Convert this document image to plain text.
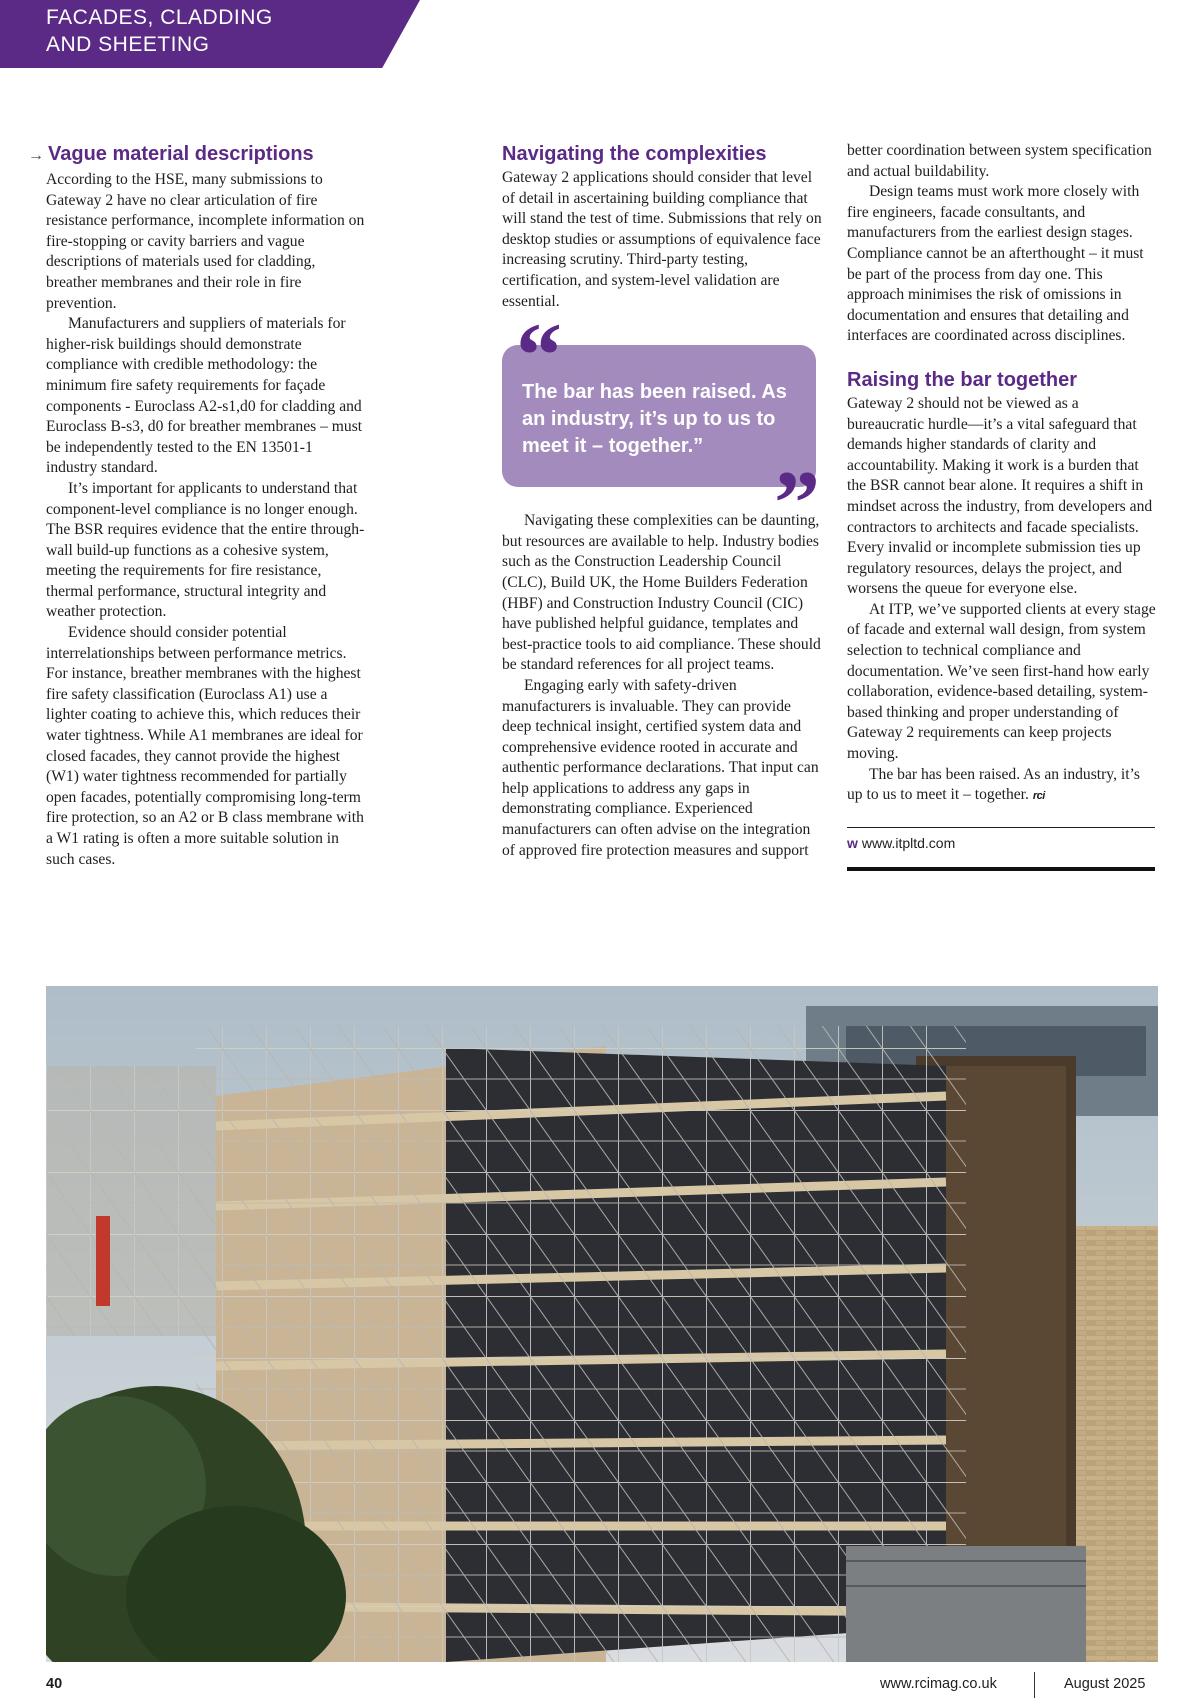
FACADES, CLADDING
AND SHEETING
→ Vague material descriptions

According to the HSE, many submissions to Gateway 2 have no clear articulation of fire resistance performance, incomplete information on fire-stopping or cavity barriers and vague descriptions of materials used for cladding, breather membranes and their role in fire prevention.

Manufacturers and suppliers of materials for higher-risk buildings should demonstrate compliance with credible methodology: the minimum fire safety requirements for façade components - Euroclass A2-s1,d0 for cladding and Euroclass B-s3, d0 for breather membranes – must be independently tested to the EN 13501-1 industry standard.

It’s important for applicants to understand that component-level compliance is no longer enough. The BSR requires evidence that the entire through-wall build-up functions as a cohesive system, meeting the requirements for fire resistance, thermal performance, structural integrity and weather protection.

Evidence should consider potential interrelationships between performance metrics. For instance, breather membranes with the highest fire safety classification (Euroclass A1) use a lighter coating to achieve this, which reduces their water tightness. While A1 membranes are ideal for closed facades, they cannot provide the highest (W1) water tightness recommended for partially open facades, potentially compromising long-term fire protection, so an A2 or B class membrane with a W1 rating is often a more suitable solution in such cases.

Navigating the complexities

Gateway 2 applications should consider that level of detail in ascertaining building compliance that will stand the test of time. Submissions that rely on desktop studies or assumptions of equivalence face increasing scrutiny. Third-party testing, certification, and system-level validation are essential.

“
The bar has been raised. As an industry, it’s up to us to meet it – together.”
”

Navigating these complexities can be daunting, but resources are available to help. Industry bodies such as the Construction Leadership Council (CLC), Build UK, the Home Builders Federation (HBF) and Construction Industry Council (CIC) have published helpful guidance, templates and best-practice tools to aid compliance. These should be standard references for all project teams.

Engaging early with safety-driven manufacturers is invaluable. They can provide deep technical insight, certified system data and comprehensive evidence rooted in accurate and authentic performance declarations. That input can help applications to address any gaps in demonstrating compliance. Experienced manufacturers can often advise on the integration of approved fire protection measures and support

better coordination between system specification and actual buildability.

Design teams must work more closely with fire engineers, facade consultants, and manufacturers from the earliest design stages. Compliance cannot be an afterthought – it must be part of the process from day one. This approach minimises the risk of omissions in documentation and ensures that detailing and interfaces are coordinated across disciplines.

Raising the bar together

Gateway 2 should not be viewed as a bureaucratic hurdle—it’s a vital safeguard that demands higher standards of clarity and accountability. Making it work is a burden that the BSR cannot bear alone. It requires a shift in mindset across the industry, from developers and contractors to architects and facade specialists. Every invalid or incomplete submission ties up regulatory resources, delays the project, and worsens the queue for everyone else.

At ITP, we’ve supported clients at every stage of facade and external wall design, from system selection to technical compliance and documentation. We’ve seen first-hand how early collaboration, evidence-based detailing, system-based thinking and proper understanding of Gateway 2 requirements can keep projects moving.

The bar has been raised. As an industry, it’s up to us to meet it – together. rci

w www.itpltd.com
40	www.rcimag.co.uk	August 2025
